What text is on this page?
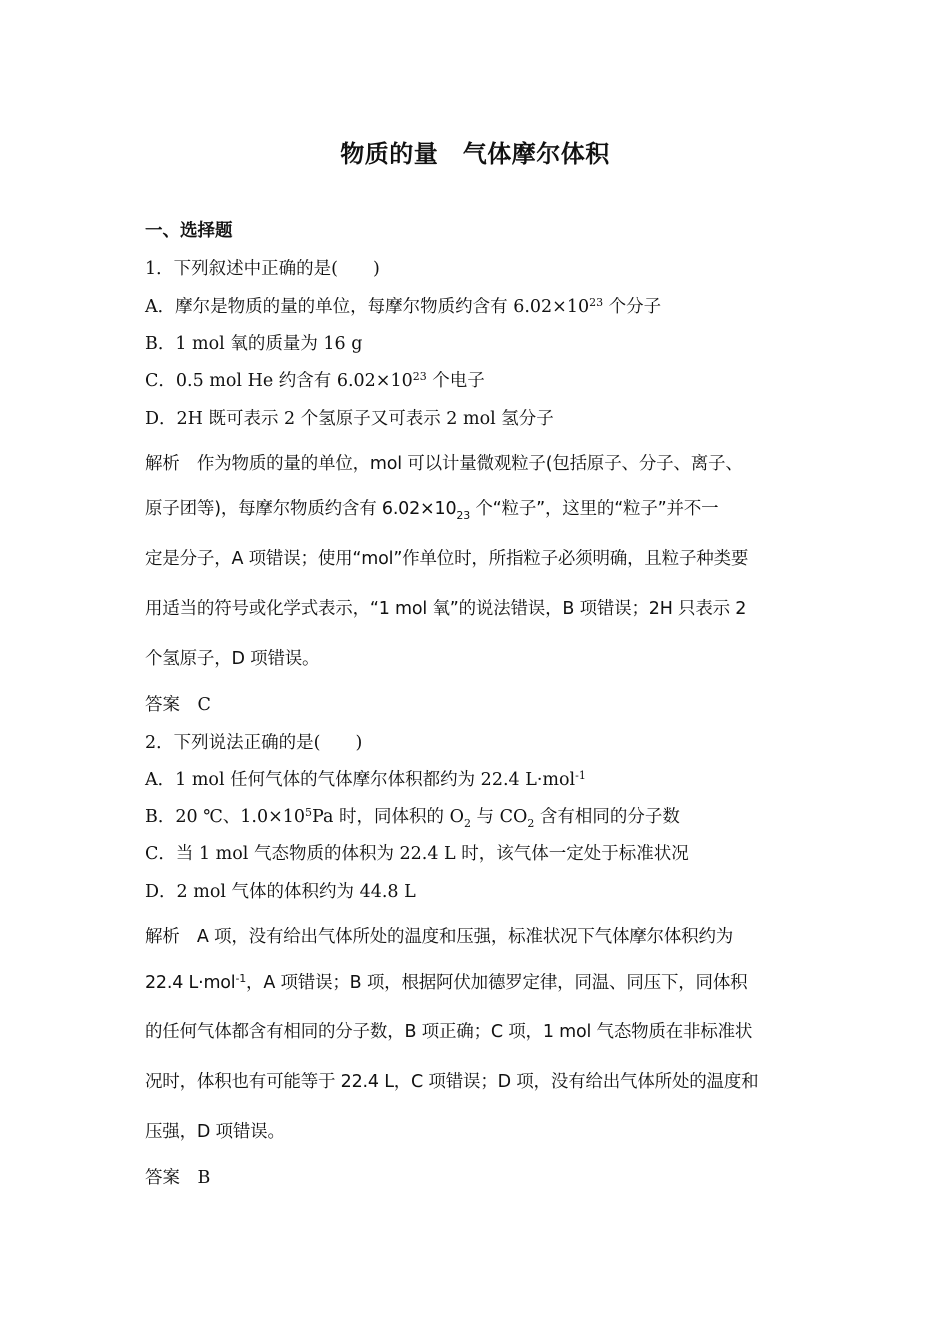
物质的量　气体摩尔体积
一、选择题
1．下列叙述中正确的是(　　)
A．摩尔是物质的量的单位，每摩尔物质约含有 $6.02\times 10^{23}$ 个分子
B．1 mol 氧的质量为 16 g
C．0.5 mol He 约含有 $6.02\times 10^{23}$ 个电子
D．2H 既可表示 2 个氢原子又可表示 2 mol 氢分子
解析　 作为物质的量的单位，mol 可以计量微观粒子(包括原子、分子、离子、
原子团等)，每摩尔物质约含有 $6.02\times 10_{23}$ 个“粒子”，这里的“粒子”并不一
定是分子，A 项错误；使用“mol”作单位时，所指粒子必须明确，且粒子种类要
用适当的符号或化学式表示，“1 mol 氧”的说法错误，B 项错误；2H 只表示 2
个氢原子，D 项错误。
答案　 C
2．下列说法正确的是(　　)
A．1 mol 任何气体的气体摩尔体积都约为 22.4 L·mol$^{-1}$
B．20 ℃、$1.0\times 10^5Pa$ 时，同体积的 $O_2$ 与 $CO_2$ 含有相同的分子数
C．当 1 mol 气态物质的体积为 22.4 L 时，该气体一定处于标准状况
D．2 mol 气体的体积约为 44.8 L
解析　 A 项，没有给出气体所处的温度和压强，标准状况下气体摩尔体积约为
22.4 L·mol$^{-1}$，A 项错误；B 项，根据阿伏加德罗定律，同温、同压下，同体积
的任何气体都含有相同的分子数，B 项正确；C 项，1 mol 气态物质在非标准状
况时，体积也有可能等于 22.4 L，C 项错误；D 项，没有给出气体所处的温度和
压强，D 项错误。
答案　 B
